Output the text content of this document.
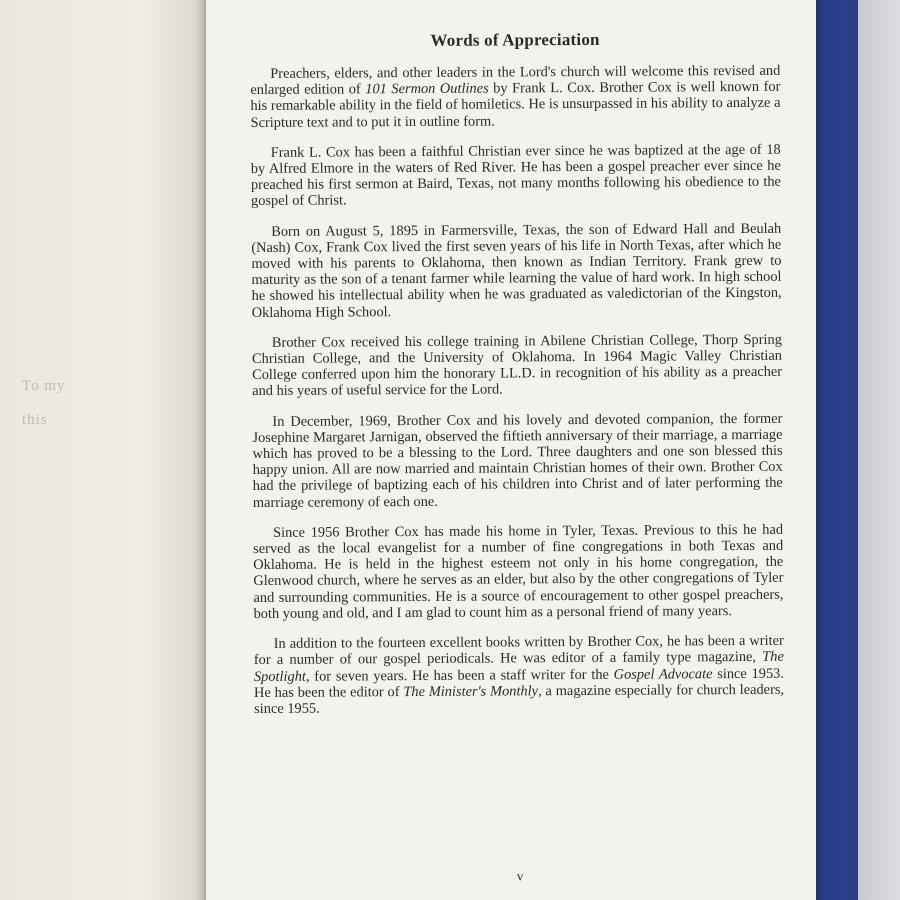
To my
this
Words of Appreciation

Preachers, elders, and other leaders in the Lord's church will welcome this revised and enlarged edition of 101 Sermon Outlines by Frank L. Cox. Brother Cox is well known for his remarkable ability in the field of homiletics. He is unsurpassed in his ability to analyze a Scripture text and to put it in outline form.

Frank L. Cox has been a faithful Christian ever since he was baptized at the age of 18 by Alfred Elmore in the waters of Red River. He has been a gospel preacher ever since he preached his first sermon at Baird, Texas, not many months following his obedience to the gospel of Christ.

Born on August 5, 1895 in Farmersville, Texas, the son of Edward Hall and Beulah (Nash) Cox, Frank Cox lived the first seven years of his life in North Texas, after which he moved with his parents to Oklahoma, then known as Indian Territory. Frank grew to maturity as the son of a tenant farmer while learning the value of hard work. In high school he showed his intellectual ability when he was graduated as valedictorian of the Kingston, Oklahoma High School.

Brother Cox received his college training in Abilene Christian College, Thorp Spring Christian College, and the University of Oklahoma. In 1964 Magic Valley Christian College conferred upon him the honorary LL.D. in recognition of his ability as a preacher and his years of useful service for the Lord.

In December, 1969, Brother Cox and his lovely and devoted companion, the former Josephine Margaret Jarnigan, observed the fiftieth anniversary of their marriage, a marriage which has proved to be a blessing to the Lord. Three daughters and one son blessed this happy union. All are now married and maintain Christian homes of their own. Brother Cox had the privilege of baptizing each of his children into Christ and of later performing the marriage ceremony of each one.

Since 1956 Brother Cox has made his home in Tyler, Texas. Previous to this he had served as the local evangelist for a number of fine congregations in both Texas and Oklahoma. He is held in the highest esteem not only in his home congregation, the Glenwood church, where he serves as an elder, but also by the other congregations of Tyler and surrounding communities. He is a source of encouragement to other gospel preachers, both young and old, and I am glad to count him as a personal friend of many years.

In addition to the fourteen excellent books written by Brother Cox, he has been a writer for a number of our gospel periodicals. He was editor of a family type magazine, The Spotlight, for seven years. He has been a staff writer for the Gospel Advocate since 1953. He has been the editor of The Minister's Monthly, a magazine especially for church leaders, since 1955.

v
